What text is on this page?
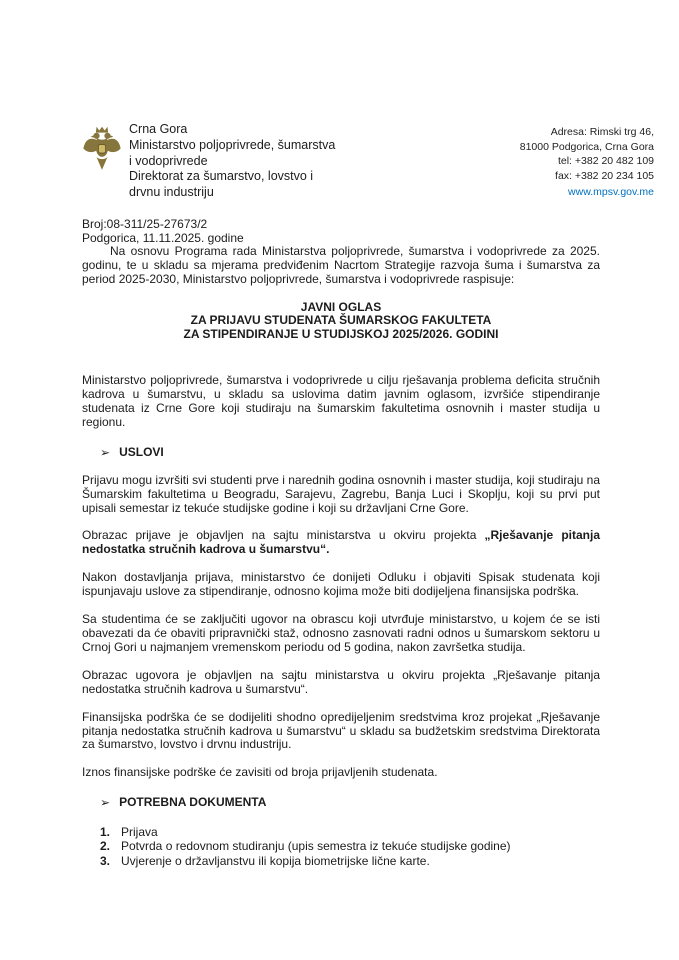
Crna Gora
Ministarstvo poljoprivrede, šumarstva
i vodoprivrede
Direktorat za šumarstvo, lovstvo i
drvnu industriju
Adresa: Rimski trg 46,
81000 Podgorica, Crna Gora
tel: +382 20 482 109
fax: +382 20 234 105
www.mpsv.gov.me
Broj:08-311/25-27673/2
Podgorica, 11.11.2025. godine

Na osnovu Programa rada Ministarstva poljoprivrede, šumarstva i vodoprivrede za 2025. godinu, te u skladu sa mjerama predviđenim Nacrtom Strategije razvoja šuma i šumarstva za period 2025-2030, Ministarstvo poljoprivrede, šumarstva i vodoprivrede raspisuje:

JAVNI OGLAS
ZA PRIJAVU STUDENATA ŠUMARSKOG FAKULTETA
ZA STIPENDIRANJE U STUDIJSKOJ 2025/2026. GODINI

Ministarstvo poljoprivrede, šumarstva i vodoprivrede u cilju rješavanja problema deficita stručnih kadrova u šumarstvu, u skladu sa uslovima datim javnim oglasom, izvršiće stipendiranje studenata iz Crne Gore koji studiraju na šumarskim fakultetima osnovnih i master studija u regionu.

➢ USLOVI

Prijavu mogu izvršiti svi studenti prve i narednih godina osnovnih i master studija, koji studiraju na Šumarskim fakultetima u Beogradu, Sarajevu, Zagrebu, Banja Luci i Skoplju, koji su prvi put upisali semestar iz tekuće studijske godine i koji su državljani Crne Gore.

Obrazac prijave je objavljen na sajtu ministarstva u okviru projekta „Rješavanje pitanja nedostatka stručnih kadrova u šumarstvu“.

Nakon dostavljanja prijava, ministarstvo će donijeti Odluku i objaviti Spisak studenata koji ispunjavaju uslove za stipendiranje, odnosno kojima može biti dodijeljena finansijska podrška.

Sa studentima će se zaključiti ugovor na obrascu koji utvrđuje ministarstvo, u kojem će se isti obavezati da će obaviti pripravnički staž, odnosno zasnovati radni odnos u šumarskom sektoru u Crnoj Gori u najmanjem vremenskom periodu od 5 godina, nakon završetka studija.

Obrazac ugovora je objavljen na sajtu ministarstva u okviru projekta „Rješavanje pitanja nedostatka stručnih kadrova u šumarstvu“.

Finansijska podrška će se dodijeliti shodno opredijeljenim sredstvima kroz projekat „Rješavanje pitanja nedostatka stručnih kadrova u šumarstvu“ u skladu sa budžetskim sredstvima Direktorata za šumarstvo, lovstvo i drvnu industriju.

Iznos finansijske podrške će zavisiti od broja prijavljenih studenata.

➢ POTREBNA DOKUMENTA
1. Prijava
2. Potvrda o redovnom studiranju (upis semestra iz tekuće studijske godine)
3. Uvjerenje o državljanstvu ili kopija biometrijske lične karte.
